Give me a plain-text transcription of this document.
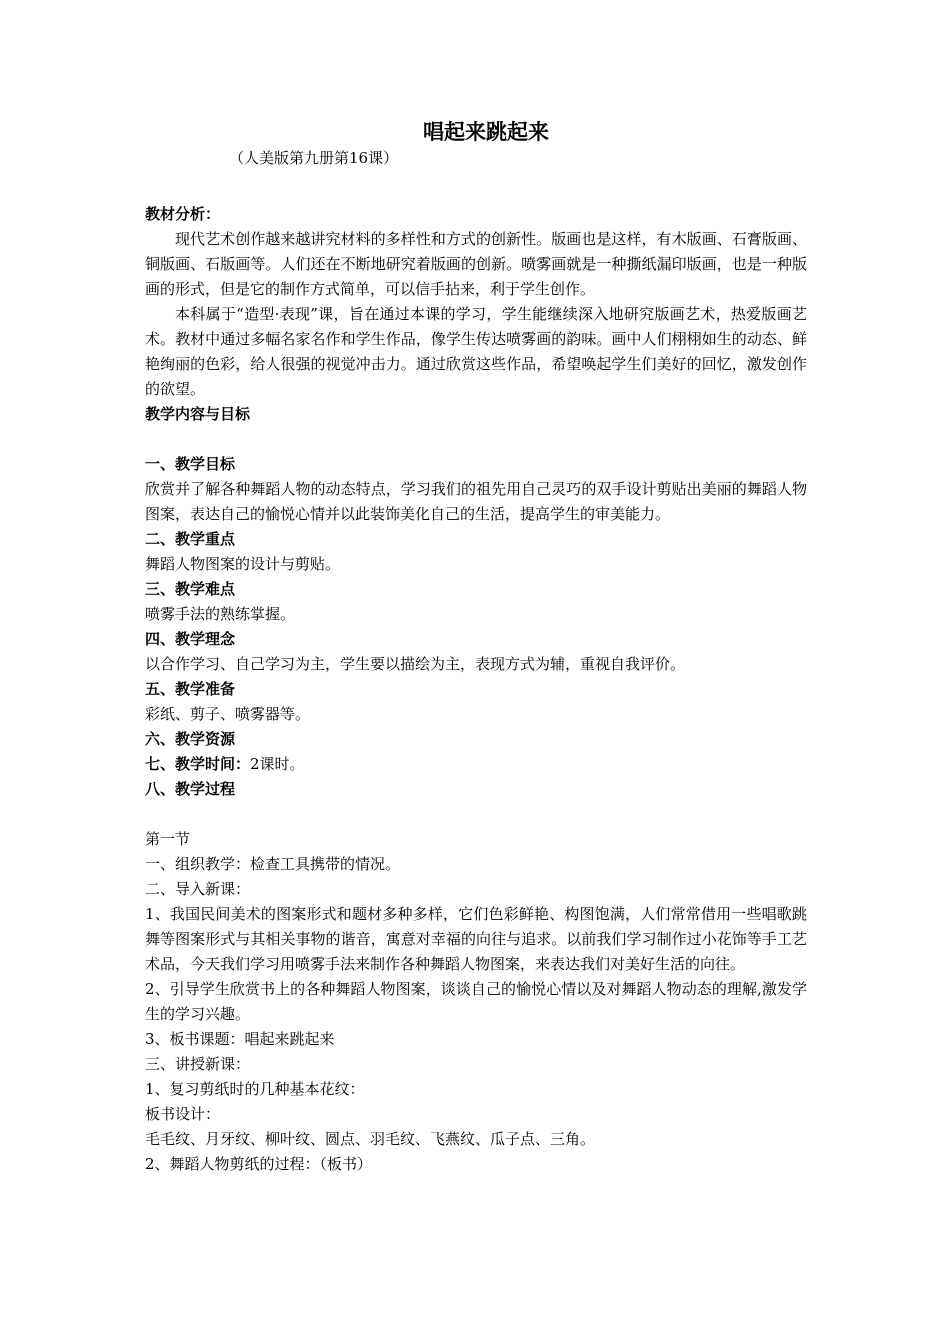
唱起来跳起来
（人美版第九册第16课）
教材分析：
现代艺术创作越来越讲究材料的多样性和方式的创新性。版画也是这样，有木版画、石膏版画、铜版画、石版画等。人们还在不断地研究着版画的创新。喷雾画就是一种撕纸漏印版画，也是一种版画的形式，但是它的制作方式简单，可以信手拈来，利于学生创作。
本科属于“造型·表现”课，旨在通过本课的学习，学生能继续深入地研究版画艺术，热爱版画艺术。教材中通过多幅名家名作和学生作品，像学生传达喷雾画的韵味。画中人们栩栩如生的动态、鲜艳绚丽的色彩，给人很强的视觉冲击力。通过欣赏这些作品，希望唤起学生们美好的回忆，激发创作的欲望。
教学内容与目标
一、教学目标
欣赏并了解各种舞蹈人物的动态特点，学习我们的祖先用自己灵巧的双手设计剪贴出美丽的舞蹈人物图案，表达自己的愉悦心情并以此装饰美化自己的生活，提高学生的审美能力。
二、教学重点
舞蹈人物图案的设计与剪贴。
三、教学难点
喷雾手法的熟练掌握。
四、教学理念
以合作学习、自己学习为主，学生要以描绘为主，表现方式为辅，重视自我评价。
五、教学准备
彩纸、剪子、喷雾器等。
六、教学资源
七、教学时间：2课时。
八、教学过程
第一节
一、组织教学：检查工具携带的情况。
二、导入新课：
1、我国民间美术的图案形式和题材多种多样，它们色彩鲜艳、构图饱满，人们常常借用一些唱歌跳舞等图案形式与其相关事物的谐音，寓意对幸福的向往与追求。以前我们学习制作过小花饰等手工艺术品，今天我们学习用喷雾手法来制作各种舞蹈人物图案，来表达我们对美好生活的向往。
2、引导学生欣赏书上的各种舞蹈人物图案，谈谈自己的愉悦心情以及对舞蹈人物动态的理解,激发学生的学习兴趣。
3、板书课题：唱起来跳起来
三、讲授新课：
1、复习剪纸时的几种基本花纹：
板书设计：
毛毛纹、月牙纹、柳叶纹、圆点、羽毛纹、飞燕纹、瓜子点、三角。
2、舞蹈人物剪纸的过程：（板书）
